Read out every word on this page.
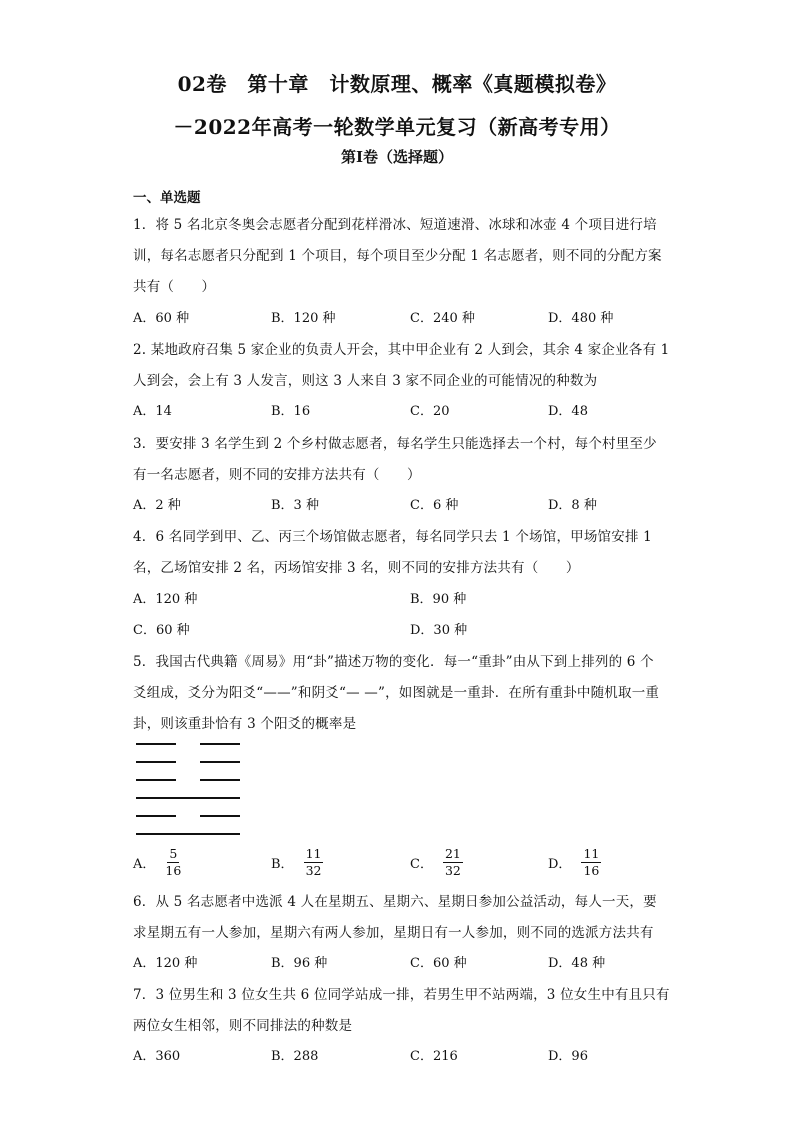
02卷　第十章　计数原理、概率《真题模拟卷》
－2022年高考一轮数学单元复习（新高考专用）
第I卷（选择题）
一、单选题
1．将 5 名北京冬奥会志愿者分配到花样滑冰、短道速滑、冰球和冰壶 4 个项目进行培
训，每名志愿者只分配到 1 个项目，每个项目至少分配 1 名志愿者，则不同的分配方案
共有（　　）
A．60 种	B．120 种	C．240 种	D．480 种
2. 某地政府召集 5 家企业的负责人开会，其中甲企业有 2 人到会，其余 4 家企业各有 1
人到会，会上有 3 人发言，则这 3 人来自 3 家不同企业的可能情况的种数为
A．14	B．16	C．20	D．48
3．要安排 3 名学生到 2 个乡村做志愿者，每名学生只能选择去一个村，每个村里至少
有一名志愿者，则不同的安排方法共有（　　）
A．2 种	B．3 种	C．6 种	D．8 种
4．6 名同学到甲、乙、丙三个场馆做志愿者，每名同学只去 1 个场馆，甲场馆安排 1
名，乙场馆安排 2 名，丙场馆安排 3 名，则不同的安排方法共有（　　）
A．120 种	B．90 种
C．60 种	D．30 种
5．我国古代典籍《周易》用“卦”描述万物的变化．每一“重卦”由从下到上排列的 6 个
爻组成，爻分为阳爻“——”和阴爻“— —”，如图就是一重卦．在所有重卦中随机取一重
卦，则该重卦恰有 3 个阳爻的概率是
A． $\frac{5}{16}$	B． $\frac{11}{32}$	C． $\frac{21}{32}$	D． $\frac{11}{16}$
6．从 5 名志愿者中选派 4 人在星期五、星期六、星期日参加公益活动，每人一天，要
求星期五有一人参加，星期六有两人参加，星期日有一人参加，则不同的选派方法共有
A．120 种	B．96 种	C．60 种	D．48 种
7．3 位男生和 3 位女生共 6 位同学站成一排，若男生甲不站两端，3 位女生中有且只有
两位女生相邻，则不同排法的种数是
A．360	B．288	C．216	D．96
